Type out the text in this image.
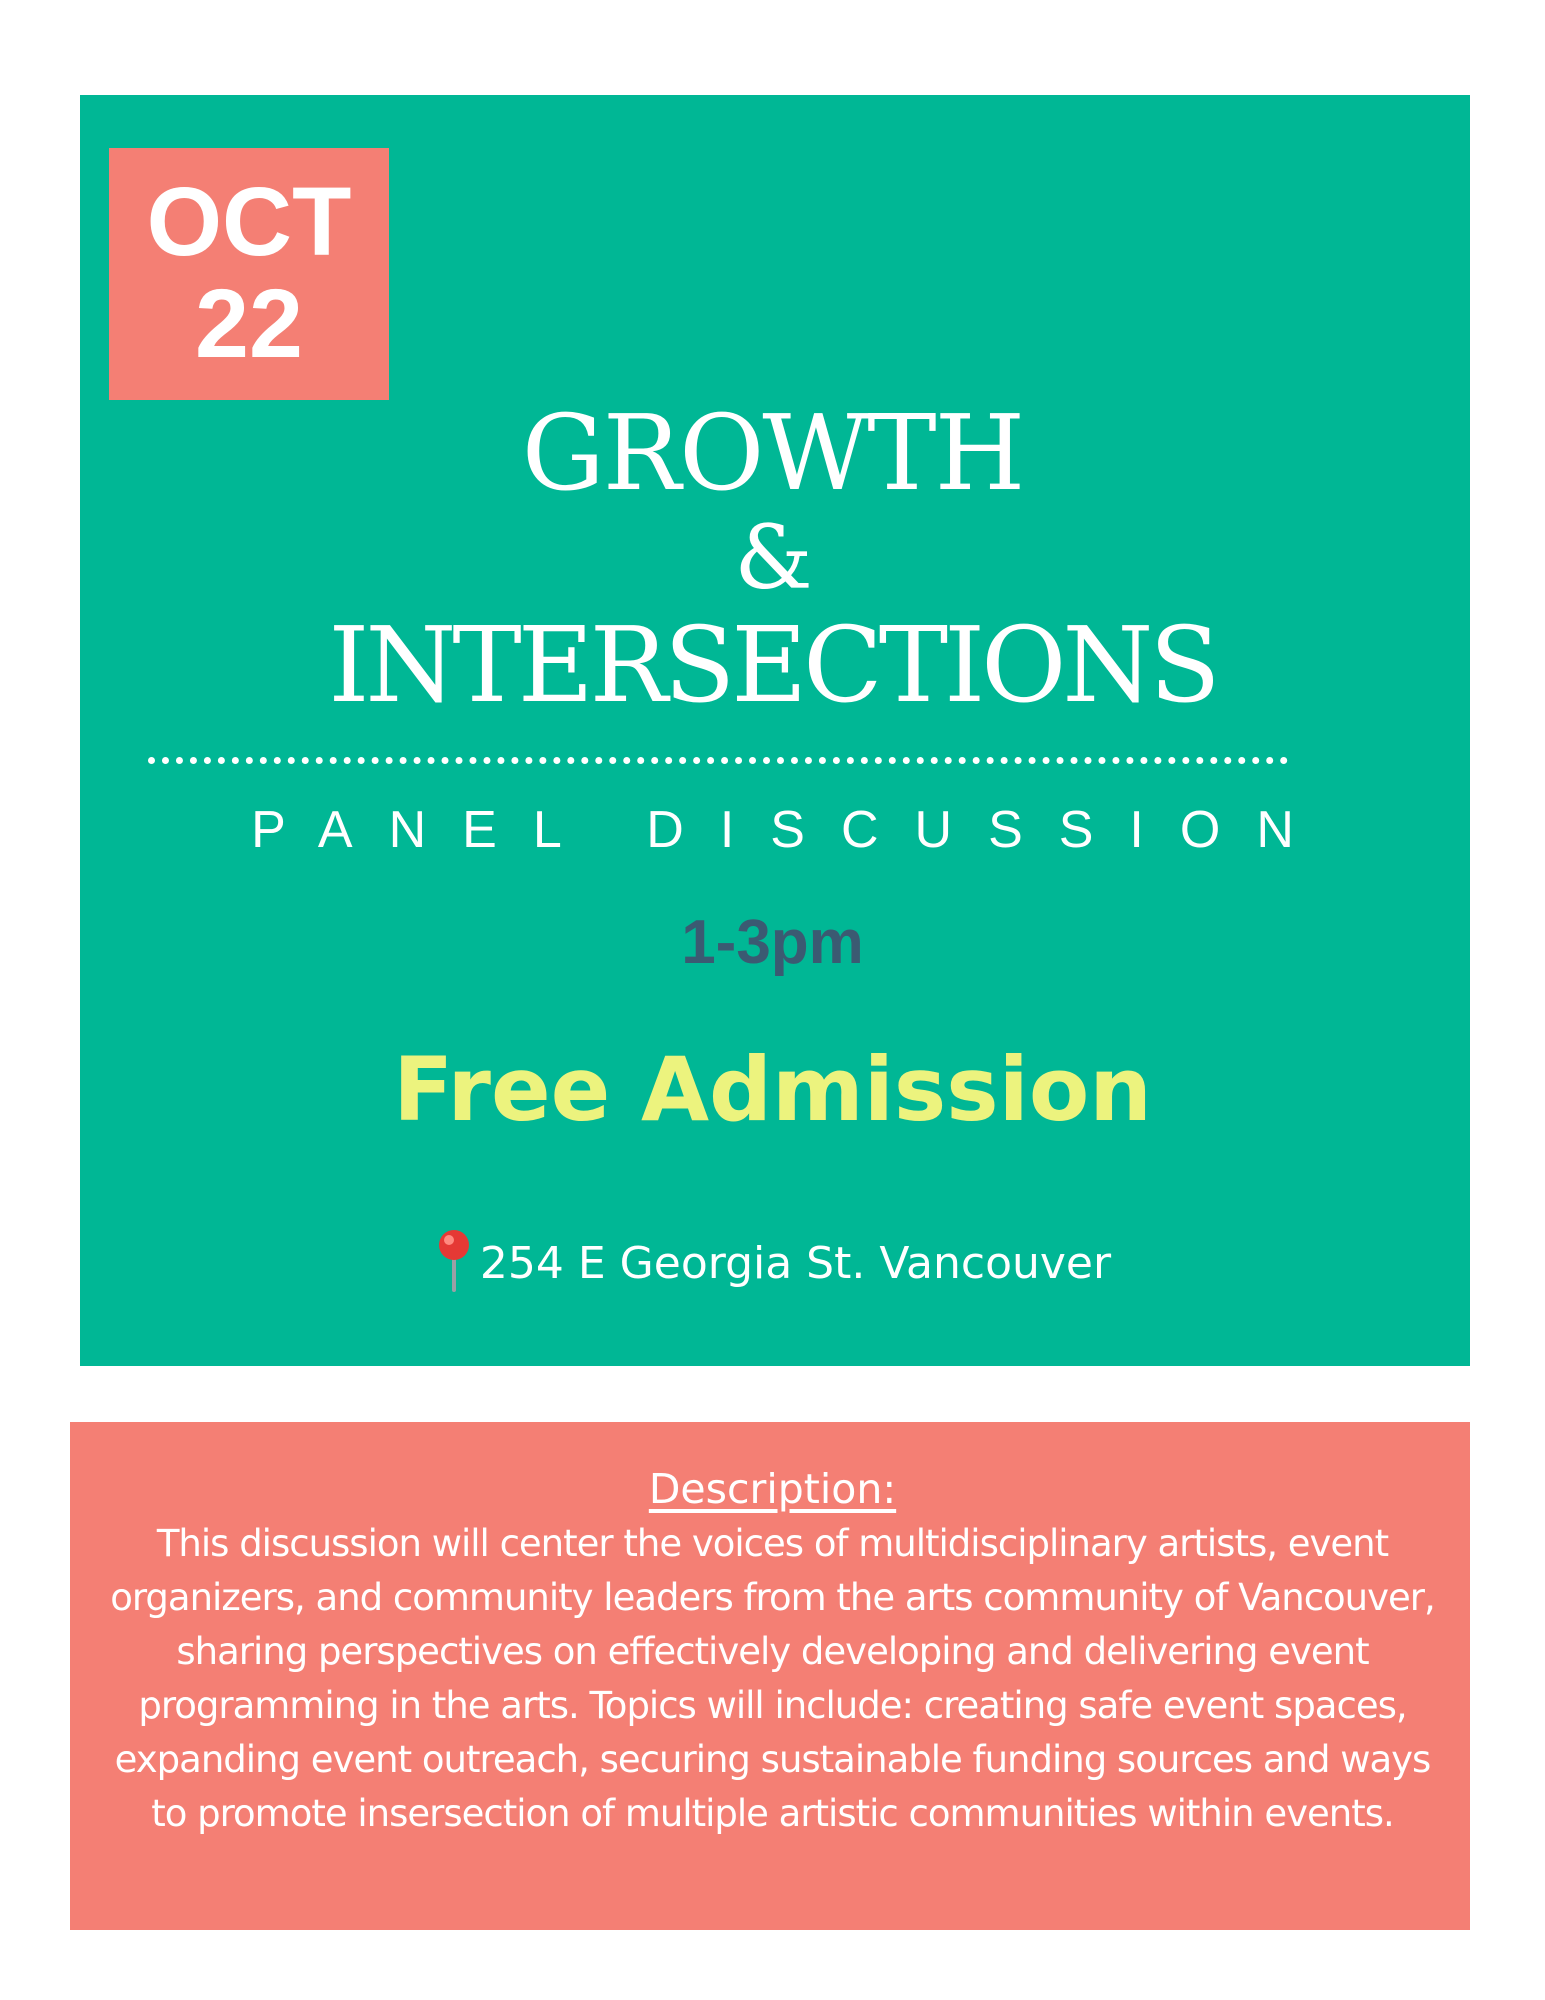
OCT
22
GROWTH
&
INTERSECTIONS
PANEL DISCUSSION
1-3pm
Free Admission
254 E Georgia St. Vancouver
Description:
This discussion will center the voices of multidisciplinary artists, event organizers, and community leaders from the arts community of Vancouver, sharing perspectives on effectively developing and delivering event programming in the arts. Topics will include: creating safe event spaces, expanding event outreach, securing sustainable funding sources and ways to promote insersection of multiple artistic communities within events.
